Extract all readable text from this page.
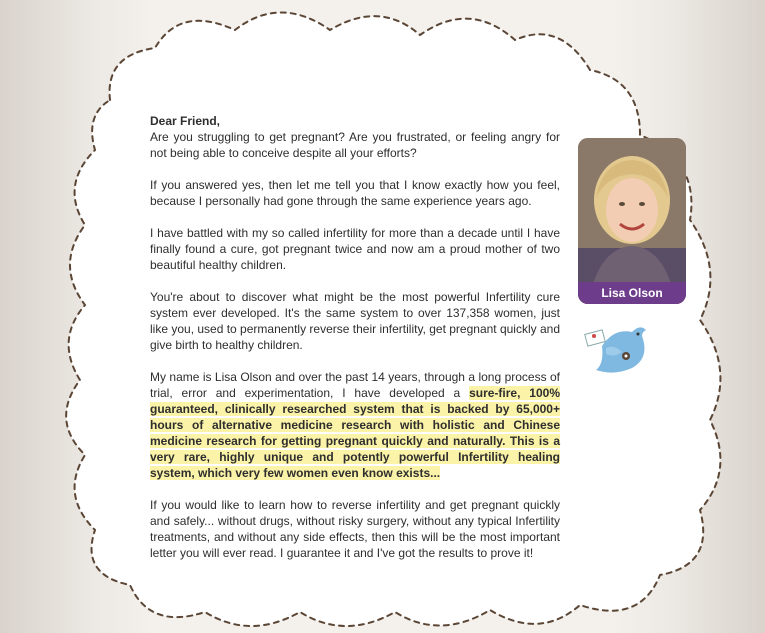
Dear Friend,

Are you struggling to get pregnant? Are you frustrated, or feeling angry for not being able to conceive despite all your efforts?

If you answered yes, then let me tell you that I know exactly how you feel, because I personally had gone through the same experience years ago.

I have battled with my so called infertility for more than a decade until I have finally found a cure, got pregnant twice and now am a proud mother of two beautiful healthy children.

You're about to discover what might be the most powerful Infertility cure system ever developed. It's the same system to over 137,358 women, just like you, used to permanently reverse their infertility, get pregnant quickly and give birth to healthy children.

My name is Lisa Olson and over the past 14 years, through a long process of trial, error and experimentation, I have developed a sure-fire, 100% guaranteed, clinically researched system that is backed by 65,000+ hours of alternative medicine research with holistic and Chinese medicine research for getting pregnant quickly and naturally. This is a very rare, highly unique and potently powerful Infertility healing system, which very few women even know exists...

If you would like to learn how to reverse infertility and get pregnant quickly and safely... without drugs, without risky surgery, without any typical Infertility treatments, and without any side effects, then this will be the most important letter you will ever read. I guarantee it and I've got the results to prove it!

Lisa Olson
